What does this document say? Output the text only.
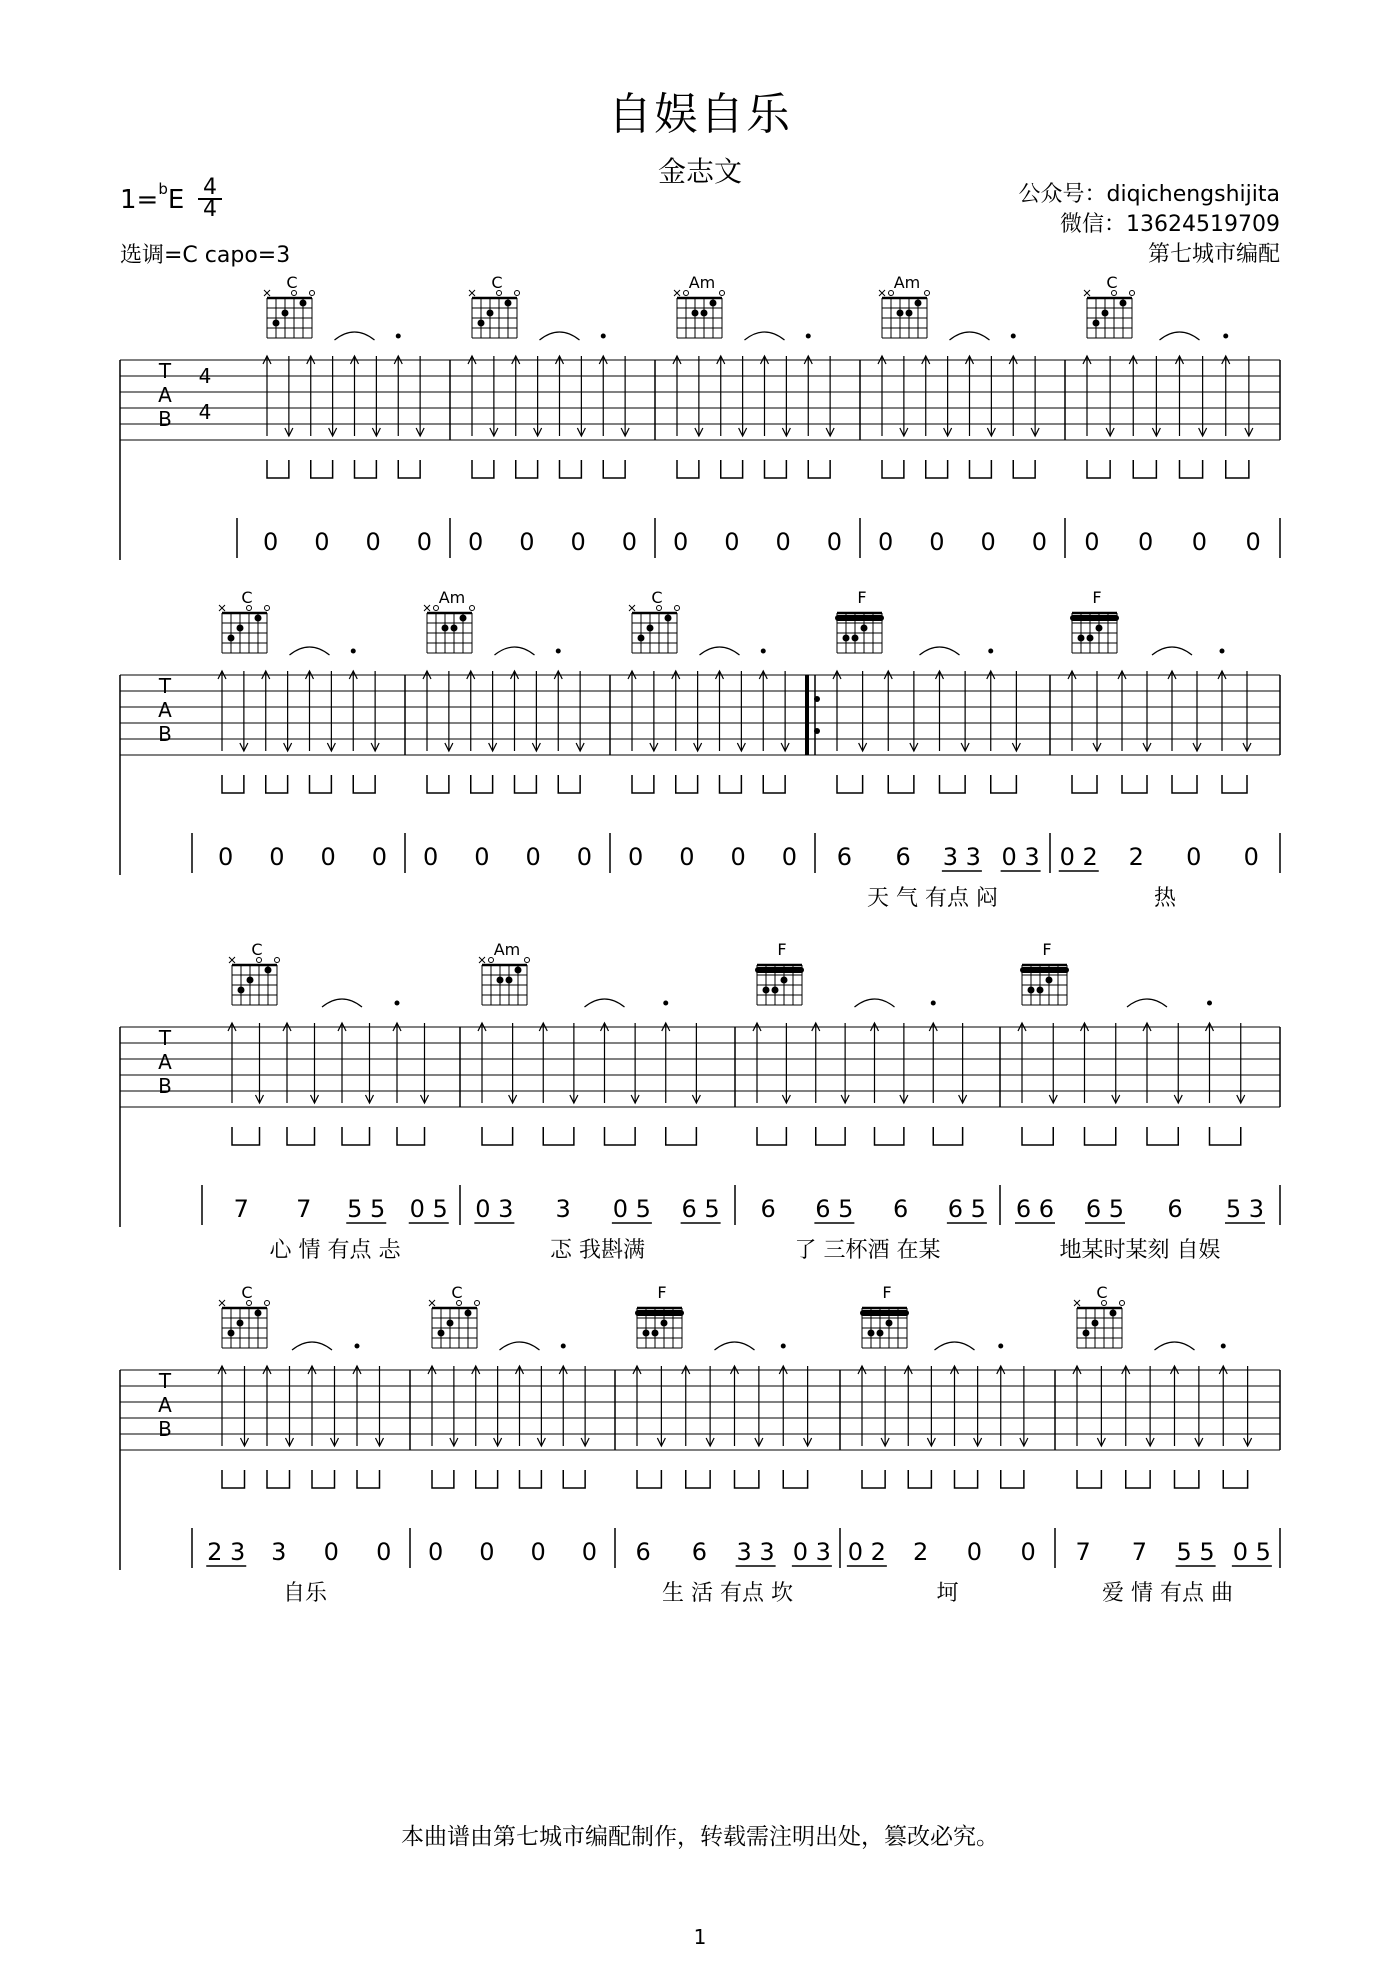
自娱自乐
金志文
1=$^b$E 4
4
选调=C capo=3
公众号：diqichengshijita
微信：13624519709
第七城市编配
T
A
B
4
4
C
0 0 0 0
C
0 0 0 0
Am
0 0 0 0
Am
0 0 0 0
C
0 0 0 0
T
A
B
C
0 0 0 0
Am
0 0 0 0
C
0 0 0 0
F
6 6 3 3 0 3
天 气 有点 闷
F
0 2 2 0 0
热
T
A
B
C
7 7 5 5 0 5
心 情 有点 忐
Am
0 3 3 0 5 6 5
忑 我斟满
F
6 6 5 6 6 5
了 三杯酒 在某
F
6 6 6 5 6 5 3
地某时某刻 自娱
T
A
B
C
2 3 3 0 0
自乐
C
0 0 0 0
F
6 6 3 3 0 3
生 活 有点 坎
F
0 2 2 0 0
坷
C
7 7 5 5 0 5
爱 情 有点 曲
本曲谱由第七城市编配制作，转载需注明出处，篡改必究。
1
